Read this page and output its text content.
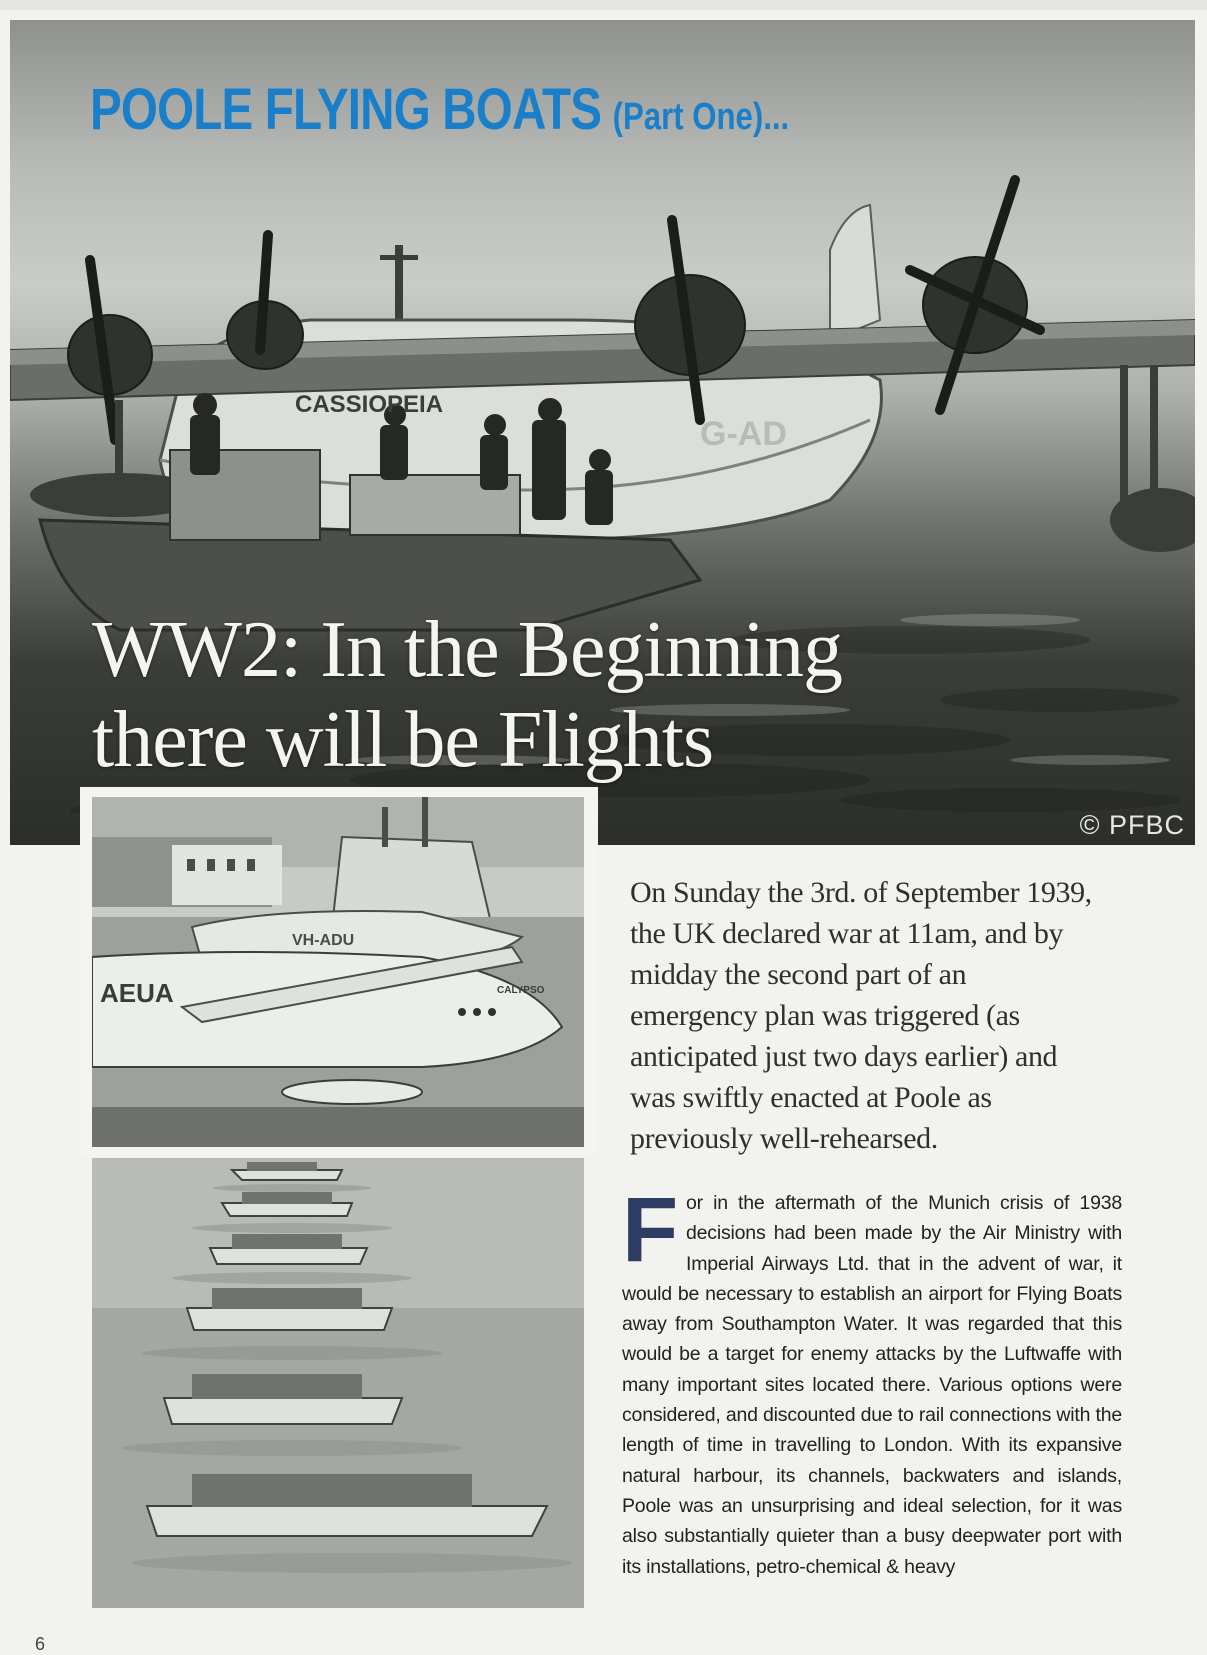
CASSIOPEIA
G-AD
POOLE FLYING BOATS (Part One)...
WW2: In the Beginning
there will be Flights
© PFBC
VH-ADU
AEUA	CALYPSO

On Sunday the 3rd. of September 1939, the UK declared war at 11am, and by midday the second part of an emergency plan was triggered (as anticipated just two days earlier) and was swiftly enacted at Poole as previously well-rehearsed.

For in the aftermath of the Munich crisis of 1938 decisions had been made by the Air Ministry with Imperial Airways Ltd. that in the advent of war, it would be necessary to establish an airport for Flying Boats away from Southampton Water. It was regarded that this would be a target for enemy attacks by the Luftwaffe with many important sites located there. Various options were considered, and discounted due to rail connections with the length of time in travelling to London. With its expansive natural harbour, its channels, backwaters and islands, Poole was an unsurprising and ideal selection, for it was also substantially quieter than a busy deepwater port with its installations, petro-chemical & heavy

6
